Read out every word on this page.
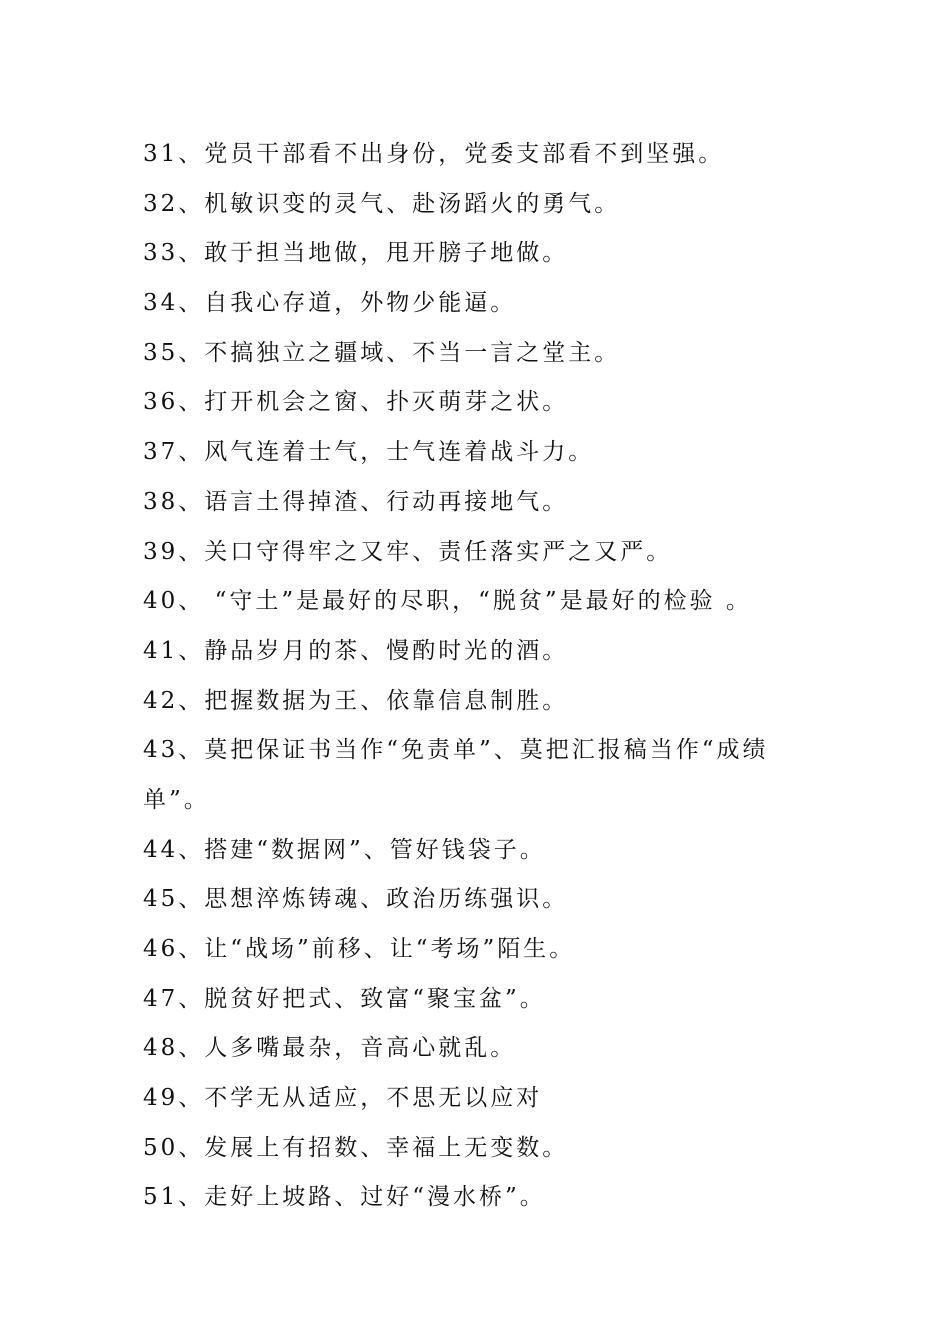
31、党员干部看不出身份，党委支部看不到坚强。
32、机敏识变的灵气、赴汤蹈火的勇气。
33、敢于担当地做，甩开膀子地做。
34、自我心存道，外物少能逼。
35、不搞独立之疆域、不当一言之堂主。
36、打开机会之窗、扑灭萌芽之状。
37、风气连着士气，士气连着战斗力。
38、语言土得掉渣、行动再接地气。
39、关口守得牢之又牢、责任落实严之又严。
40、 “守土”是最好的尽职，“脱贫”是最好的检验 。
41、静品岁月的茶、慢酌时光的酒。
42、把握数据为王、依靠信息制胜。
43、莫把保证书当作“免责单”、莫把汇报稿当作“成绩
单”。
44、搭建“数据网”、管好钱袋子。
45、思想淬炼铸魂、政治历练强识。
46、让“战场”前移、让“考场”陌生。
47、脱贫好把式、致富“聚宝盆”。
48、人多嘴最杂，音高心就乱。
49、不学无从适应，不思无以应对
50、发展上有招数、幸福上无变数。
51、走好上坡路、过好“漫水桥”。
